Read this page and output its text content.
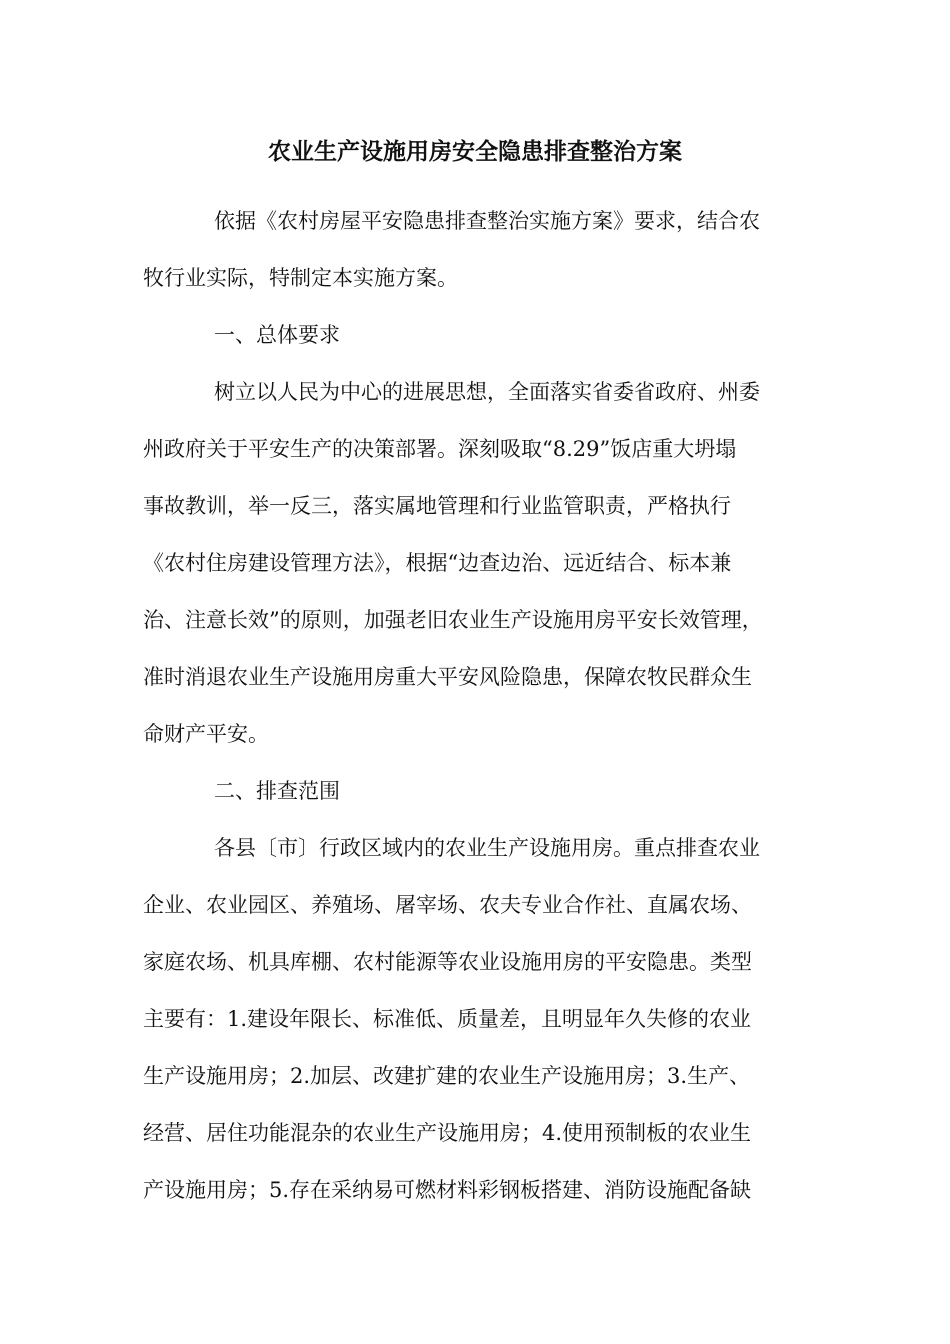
农业生产设施用房安全隐患排查整治方案
依据《农村房屋平安隐患排查整治实施方案》要求，结合农
牧行业实际，特制定本实施方案。
一、总体要求
树立以人民为中心的进展思想，全面落实省委省政府、州委
州政府关于平安生产的决策部署。深刻吸取“8.29”饭店重大坍塌
事故教训，举一反三，落实属地管理和行业监管职责，严格执行
《农村住房建设管理方法》，根据“边查边治、远近结合、标本兼
治、注意长效”的原则，加强老旧农业生产设施用房平安长效管理，
准时消退农业生产设施用房重大平安风险隐患，保障农牧民群众生
命财产平安。
二、排查范围
各县〔市〕行政区域内的农业生产设施用房。重点排查农业
企业、农业园区、养殖场、屠宰场、农夫专业合作社、直属农场、
家庭农场、机具库棚、农村能源等农业设施用房的平安隐患。类型
主要有：1.建设年限长、标准低、质量差，且明显年久失修的农业
生产设施用房；2.加层、改建扩建的农业生产设施用房；3.生产、
经营、居住功能混杂的农业生产设施用房；4.使用预制板的农业生
产设施用房；5.存在采纳易可燃材料彩钢板搭建、消防设施配备缺
